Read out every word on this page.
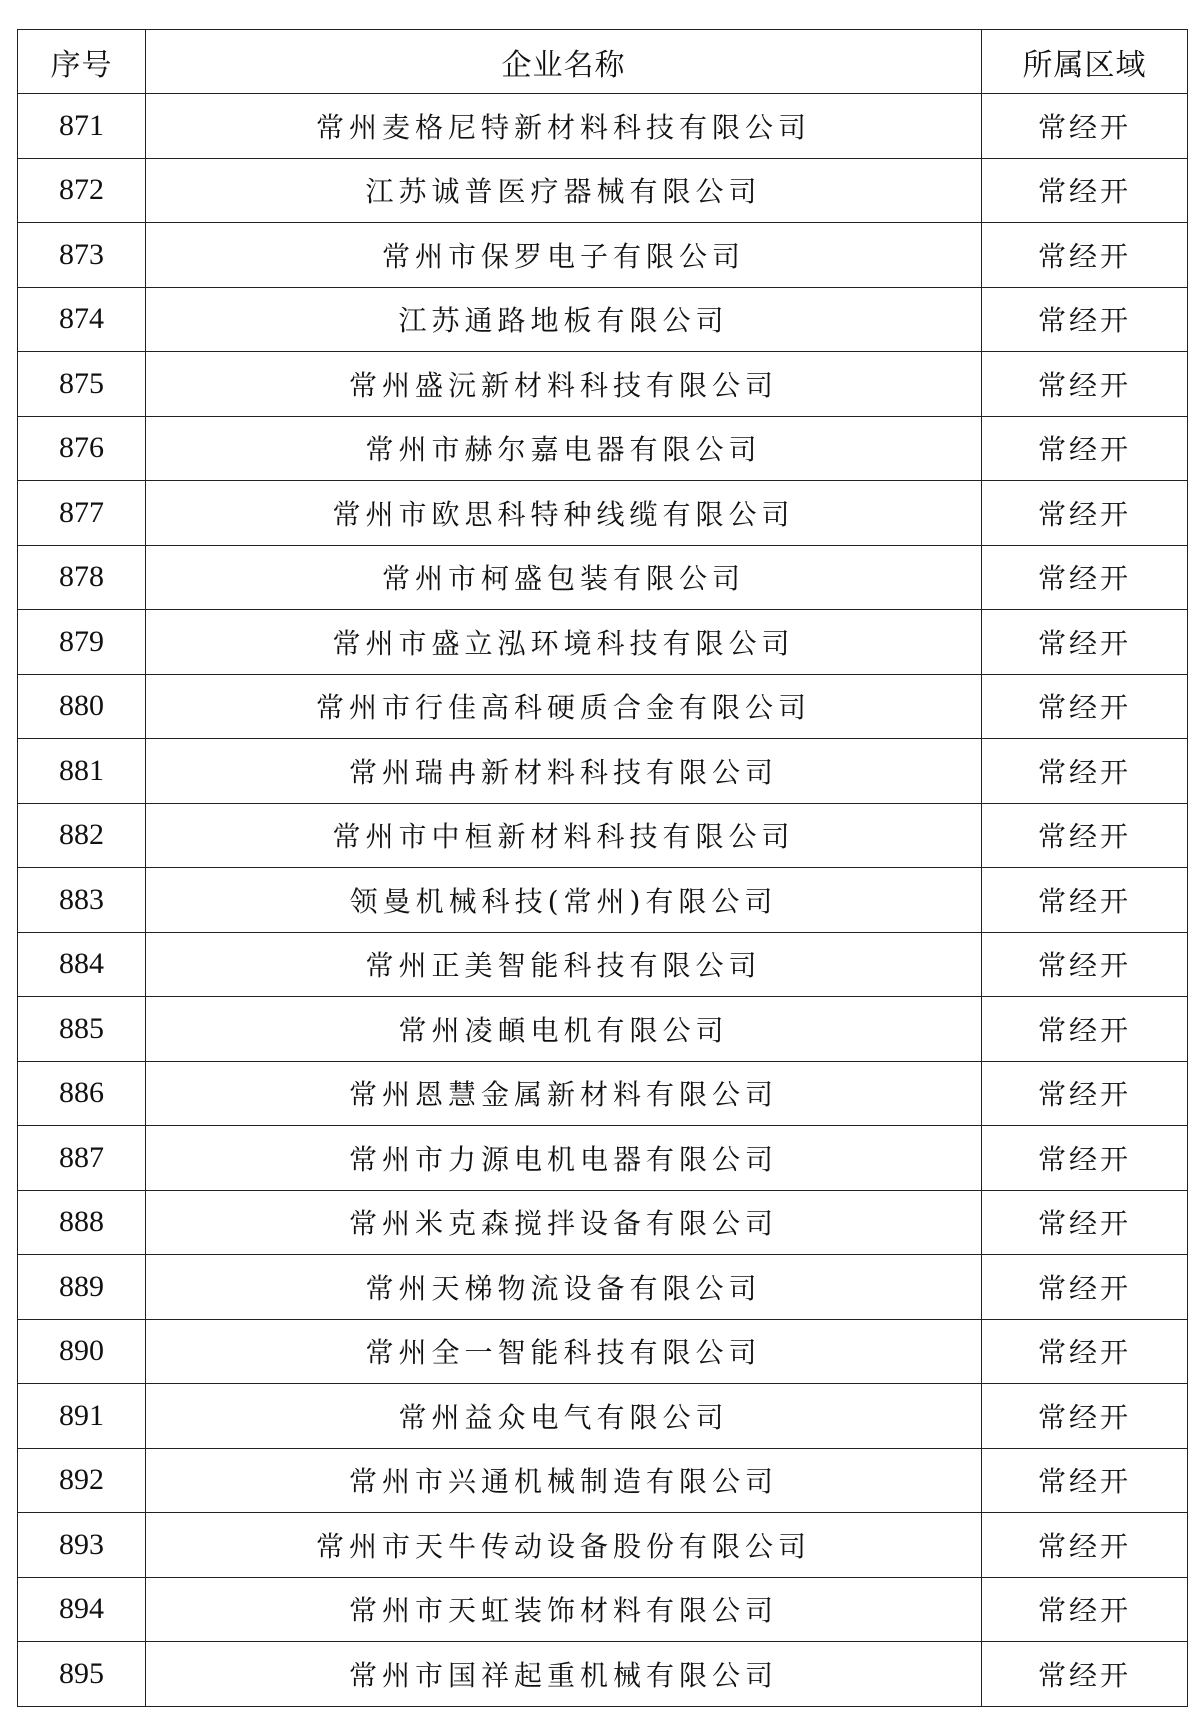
序号	企业名称	所属区域
871	常州麦格尼特新材料科技有限公司	常经开
872	江苏诚普医疗器械有限公司	常经开
873	常州市保罗电子有限公司	常经开
874	江苏通路地板有限公司	常经开
875	常州盛沅新材料科技有限公司	常经开
876	常州市赫尔嘉电器有限公司	常经开
877	常州市欧思科特种线缆有限公司	常经开
878	常州市柯盛包装有限公司	常经开
879	常州市盛立泓环境科技有限公司	常经开
880	常州市行佳高科硬质合金有限公司	常经开
881	常州瑞冉新材料科技有限公司	常经开
882	常州市中桓新材料科技有限公司	常经开
883	领曼机械科技(常州)有限公司	常经开
884	常州正美智能科技有限公司	常经开
885	常州凌頔电机有限公司	常经开
886	常州恩慧金属新材料有限公司	常经开
887	常州市力源电机电器有限公司	常经开
888	常州米克森搅拌设备有限公司	常经开
889	常州天梯物流设备有限公司	常经开
890	常州全一智能科技有限公司	常经开
891	常州益众电气有限公司	常经开
892	常州市兴通机械制造有限公司	常经开
893	常州市天牛传动设备股份有限公司	常经开
894	常州市天虹装饰材料有限公司	常经开
895	常州市国祥起重机械有限公司	常经开
